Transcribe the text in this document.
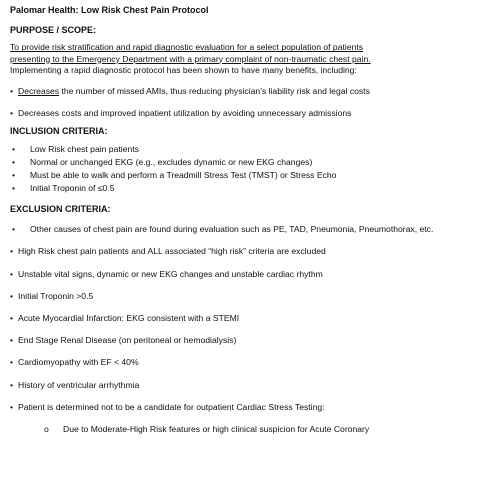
Palomar Health: Low Risk Chest Pain Protocol
PURPOSE / SCOPE:
To provide risk stratification and rapid diagnostic evaluation for a select population of patients
presenting to the Emergency Department with a primary complaint of non-traumatic chest pain.
Implementing a rapid diagnostic protocol has been shown to have many benefits, including:
• Decreases the number of missed AMIs, thus reducing physician’s liability risk and legal costs
• Decreases costs and improved inpatient utilization by avoiding unnecessary admissions
INCLUSION CRITERIA:
• Low Risk chest pain patients
• Normal or unchanged EKG (e.g., excludes dynamic or new EKG changes)
• Must be able to walk and perform a Treadmill Stress Test (TMST) or Stress Echo
• Initial Troponin of ≤0.5
EXCLUSION CRITERIA:
• Other causes of chest pain are found during evaluation such as PE, TAD, Pneumonia, Pneumothorax, etc.
• High Risk chest pain patients and ALL associated “high risk” criteria are excluded
• Unstable vital signs, dynamic or new EKG changes and unstable cardiac rhythm
• Initial Troponin >0.5
• Acute Myocardial Infarction: EKG consistent with a STEMI
• End Stage Renal Disease (on peritoneal or hemodialysis)
• Cardiomyopathy with EF < 40%
• History of ventricular arrhythmia
• Patient is determined not to be a candidate for outpatient Cardiac Stress Testing:
o Due to Moderate-High Risk features or high clinical suspicion for Acute Coronary
